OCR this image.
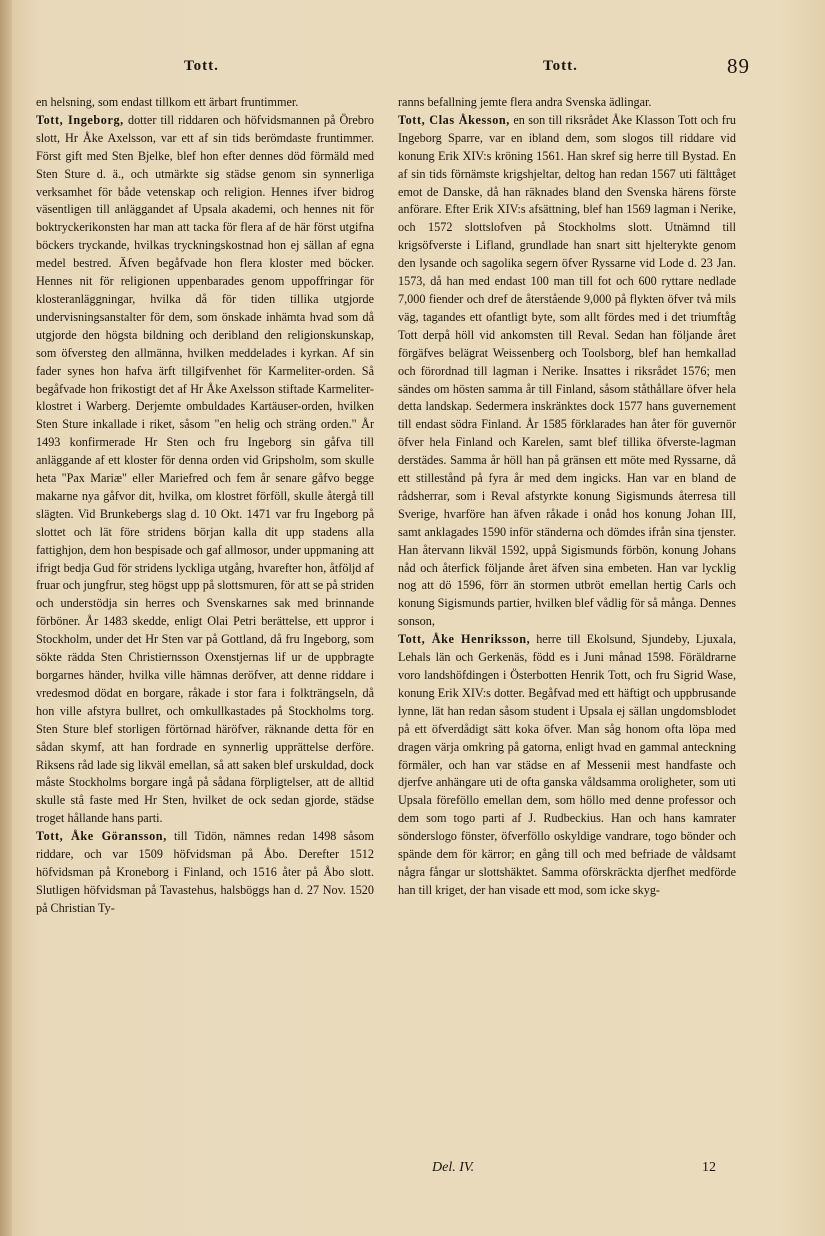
Tott.	Tott.	89

en helsning, som endast tillkom ett ärbart fruntimmer.

Tott, Ingeborg, dotter till riddaren och höfvidsmannen på Örebro slott, Hr Åke Axelsson, var ett af sin tids berömdaste fruntimmer. Först gift med Sten Bjelke, blef hon efter dennes död förmäld med Sten Sture d. ä., och utmärkte sig städse genom sin synnerliga verksamhet för både vetenskap och religion. Hennes ifver bidrog väsentligen till anläggandet af Upsala akademi, och hennes nit för boktryckerikonsten har man att tacka för flera af de här först utgifna böckers tryckande, hvilkas tryckningskostnad hon ej sällan af egna medel bestred. Äfven begåfvade hon flera kloster med böcker. Hennes nit för religionen uppenbarades genom uppoffringar för klosteranläggningar, hvilka då för tiden tillika utgjorde undervisningsanstalter för dem, som önskade inhämta hvad som då utgjorde den högsta bildning och deribland den religionskunskap, som öfversteg den allmänna, hvilken meddelades i kyrkan. Af sin fader synes hon hafva ärft tillgifvenhet för Karmeliter-orden. Så begåfvade hon frikostigt det af Hr Åke Axelsson stiftade Karmeliter-klostret i Warberg. Derjemte ombuldades Kartäuser-orden, hvilken Sten Sture inkallade i riket, såsom "en helig och sträng orden." År 1493 konfirmerade Hr Sten och fru Ingeborg sin gåfva till anläggande af ett kloster för denna orden vid Gripsholm, som skulle heta "Pax Mariæ" eller Mariefred och fem år senare gåfvo begge makarne nya gåfvor dit, hvilka, om klostret förföll, skulle återgå till slägten. Vid Brunkebergs slag d. 10 Okt. 1471 var fru Ingeborg på slottet och lät före stridens början kalla dit upp stadens alla fattighjon, dem hon bespisade och gaf allmosor, under uppmaning att ifrigt bedja Gud för stridens lyckliga utgång, hvarefter hon, åtföljd af fruar och jungfrur, steg högst upp på slottsmuren, för att se på striden och understödja sin herres och Svenskarnes sak med brinnande förböner. År 1483 skedde, enligt Olai Petri berättelse, ett uppror i Stockholm, under det Hr Sten var på Gottland, då fru Ingeborg, som sökte rädda Sten Christiernsson Oxenstjernas lif ur de uppbragte borgarnes händer, hvilka ville hämnas deröfver, att denne riddare i vredesmod dödat en borgare, råkade i stor fara i folkträngseln, då hon ville afstyra bullret, och omkullkastades på Stockholms torg. Sten Sture blef storligen förtörnad häröfver, räknande detta för en sådan skymf, att han fordrade en synnerlig upprättelse derföre. Riksens råd lade sig likväl emellan, så att saken blef urskuldad, dock måste Stockholms borgare ingå på sådana förpligtelser, att de alltid skulle stå faste med Hr Sten, hvilket de ock sedan gjorde, städse troget hållande hans parti.

Tott, Åke Göransson, till Tidön, nämnes redan 1498 såsom riddare, och var 1509 höfvidsman på Åbo. Derefter 1512 höfvidsman på Kroneborg i Finland, och 1516 åter på Åbo slott. Slutligen höfvidsman på Tavastehus, halsböggs han d. 27 Nov. 1520 på Christian Ty-

ranns befallning jemte flera andra Svenska ädlingar.

Tott, Clas Åkesson, en son till riksrådet Åke Klasson Tott och fru Ingeborg Sparre, var en ibland dem, som slogos till riddare vid konung Erik XIV:s kröning 1561. Han skref sig herre till Bystad. En af sin tids förnämste krigshjeltar, deltog han redan 1567 uti fälttåget emot de Danske, då han räknades bland den Svenska härens förste anförare. Efter Erik XIV:s afsättning, blef han 1569 lagman i Nerike, och 1572 slottslofven på Stockholms slott. Utnämnd till krigsöfverste i Lifland, grundlade han snart sitt hjelterykte genom den lysande och sagolika segern öfver Ryssarne vid Lode d. 23 Jan. 1573, då han med endast 100 man till fot och 600 ryttare nedlade 7,000 fiender och dref de återstående 9,000 på flykten öfver två mils väg, tagandes ett ofantligt byte, som allt fördes med i det triumftåg Tott derpå höll vid ankomsten till Reval. Sedan han följande året förgäfves belägrat Weissenberg och Toolsborg, blef han hemkallad och förordnad till lagman i Nerike. Insattes i riksrådet 1576; men sändes om hösten samma år till Finland, såsom ståthållare öfver hela detta landskap. Sedermera inskränktes dock 1577 hans guvernement till endast södra Finland. År 1585 förklarades han åter för guvernör öfver hela Finland och Karelen, samt blef tillika öfverste-lagman derstädes. Samma år höll han på gränsen ett möte med Ryssarne, då ett stillestånd på fyra år med dem ingicks. Han var en bland de rådsherrar, som i Reval afstyrkte konung Sigismunds återresa till Sverige, hvarföre han äfven råkade i onåd hos konung Johan III, samt anklagades 1590 inför ständerna och dömdes ifrån sina tjenster. Han återvann likväl 1592, uppå Sigismunds förbön, konung Johans nåd och återfick följande året äfven sina embeten. Han var lycklig nog att dö 1596, förr än stormen utbröt emellan hertig Carls och konung Sigismunds partier, hvilken blef vådlig för så många. Dennes sonson,

Tott, Åke Henriksson, herre till Ekolsund, Sjundeby, Ljuxala, Lehals län och Gerkenäs, född es i Juni månad 1598. Föräldrarne voro landshöfdingen i Österbotten Henrik Tott, och fru Sigrid Wase, konung Erik XIV:s dotter. Begåfvad med ett häftigt och uppbrusande lynne, lät han redan såsom student i Upsala ej sällan ungdomsblodet på ett öfverdådigt sätt koka öfver. Man såg honom ofta löpa med dragen värja omkring på gatorna, enligt hvad en gammal anteckning förmäler, och han var städse en af Messenii mest handfaste och djerfve anhängare uti de ofta ganska våldsamma oroligheter, som uti Upsala föreföllo emellan dem, som höllo med denne professor och dem som togo parti af J. Rudbeckius. Han och hans kamrater sönderslogo fönster, öfverföllo oskyldige vandrare, togo bönder och spände dem för kärror; en gång till och med befriade de våldsamt några fångar ur slottshäktet. Samma oförskräckta djerfhet medförde han till kriget, der han visade ett mod, som icke skyg-

Del. IV.	12
